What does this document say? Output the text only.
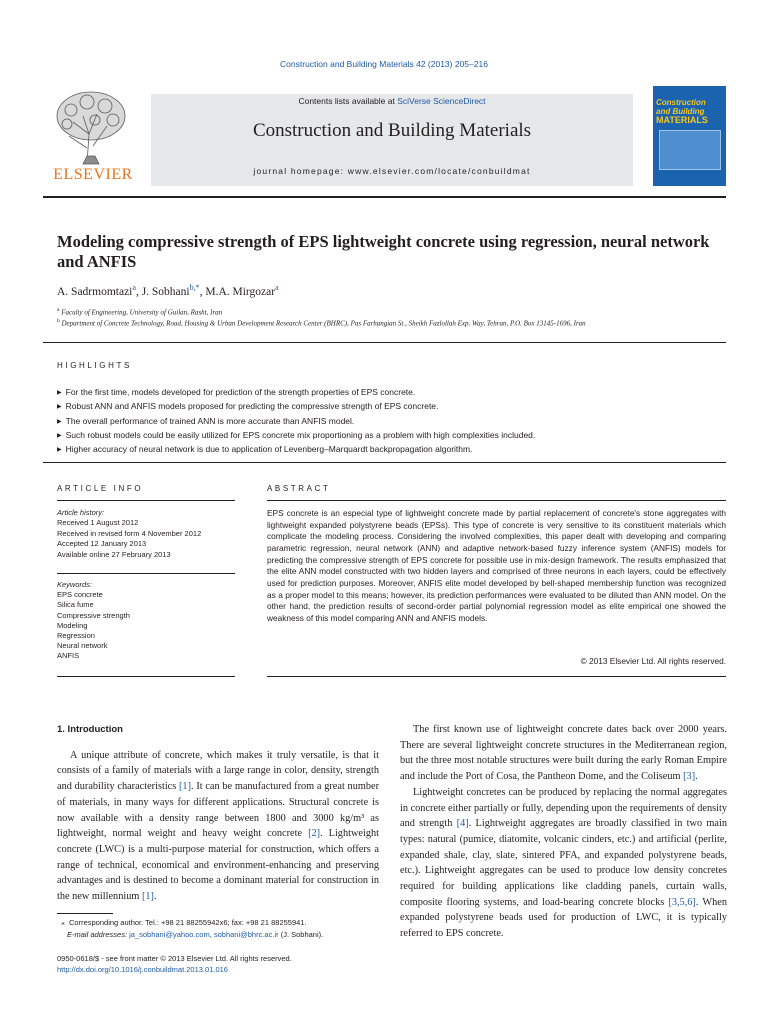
Construction and Building Materials 42 (2013) 205–216
ELSEVIER
Contents lists available at SciVerse ScienceDirect
Construction and Building Materials
journal homepage: www.elsevier.com/locate/conbuildmat
Construction
and Building
MATERIALS
Modeling compressive strength of EPS lightweight concrete using regression, neural network and ANFIS
A. Sadrmomtazi$^a$, J. Sobhani$^{b,*}$, M.A. Mirgozar$^a$
$^a$ Faculty of Engineering, University of Guilan, Rasht, Iran
$^b$ Department of Concrete Technology, Road, Housing & Urban Development Research Center (BHRC), Pas Farhangian St., Sheikh Fazlollah Exp. Way, Tehran, P.O. Box 13145-1696, Iran
HIGHLIGHTS
▶ For the first time, models developed for prediction of the strength properties of EPS concrete.
▶ Robust ANN and ANFIS models proposed for predicting the compressive strength of EPS concrete.
▶ The overall performance of trained ANN is more accurate than ANFIS model.
▶ Such robust models could be easily utilized for EPS concrete mix proportioning as a problem with high complexities included.
▶ Higher accuracy of neural network is due to application of Levenberg–Marquardt backpropagation algorithm.
ARTICLE INFO
Article history:
Received 1 August 2012
Received in revised form 4 November 2012
Accepted 12 January 2013
Available online 27 February 2013
Keywords:
EPS concrete
Silica fume
Compressive strength
Modeling
Regression
Neural network
ANFIS
ABSTRACT

EPS concrete is an especial type of lightweight concrete made by partial replacement of concrete's stone aggregates with lightweight expanded polystyrene beads (EPSs). This type of concrete is very sensitive to its constituent materials which complicate the modeling process. Considering the involved complexities, this paper dealt with developing and comparing parametric regression, neural network (ANN) and adaptive network-based fuzzy inference system (ANFIS) models for predicting the compressive strength of EPS concrete for possible use in mix-design framework. The results emphasized that the elite ANN model constructed with two hidden layers and comprised of three neurons in each layers, could be effectively used for prediction purposes. Moreover, ANFIS elite model developed by bell-shaped membership function was recognized as a proper model to this means; however, its prediction performances were evaluated to be diluted than ANN model. On the other hand, the prediction results of second-order partial polynomial regression model as elite empirical one showed the weakness of this model comparing ANN and ANFIS models.

© 2013 Elsevier Ltd. All rights reserved.
1. Introduction

A unique attribute of concrete, which makes it truly versatile, is that it consists of a family of materials with a large range in color, density, strength and durability characteristics [1]. It can be manufactured from a great number of materials, in many ways for different applications. Structural concrete is now available with a density range between 1800 and 3000 kg/m³ as lightweight, normal weight and heavy weight concrete [2]. Lightweight concrete (LWC) is a multi-purpose material for construction, which offers a range of technical, economical and environment-enhancing and preserving advantages and is destined to become a dominant material for construction in the new millennium [1].

The first known use of lightweight concrete dates back over 2000 years. There are several lightweight concrete structures in the Mediterranean region, but the three most notable structures were built during the early Roman Empire and include the Port of Cosa, the Pantheon Dome, and the Coliseum [3].

Lightweight concretes can be produced by replacing the normal aggregates in concrete either partially or fully, depending upon the requirements of density and strength [4]. Lightweight aggregates are broadly classified in two main types: natural (pumice, diatomite, volcanic cinders, etc.) and artificial (perlite, expanded shale, clay, slate, sintered PFA, and expanded polystyrene beads, etc.). Lightweight aggregates can be used to produce low density concretes required for building applications like cladding panels, curtain walls, composite flooring systems, and load-bearing concrete blocks [3,5,6]. When expanded polystyrene beads used for production of LWC, it is typically referred to EPS concrete.

⁎ Corresponding author. Tel.: +98 21 88255942x6; fax: +98 21 88255941.
E-mail addresses: ja_sobhani@yahoo.com, sobhani@bhrc.ac.ir (J. Sobhani).
0950-0618/$ - see front matter © 2013 Elsevier Ltd. All rights reserved.
http://dx.doi.org/10.1016/j.conbuildmat.2013.01.016
